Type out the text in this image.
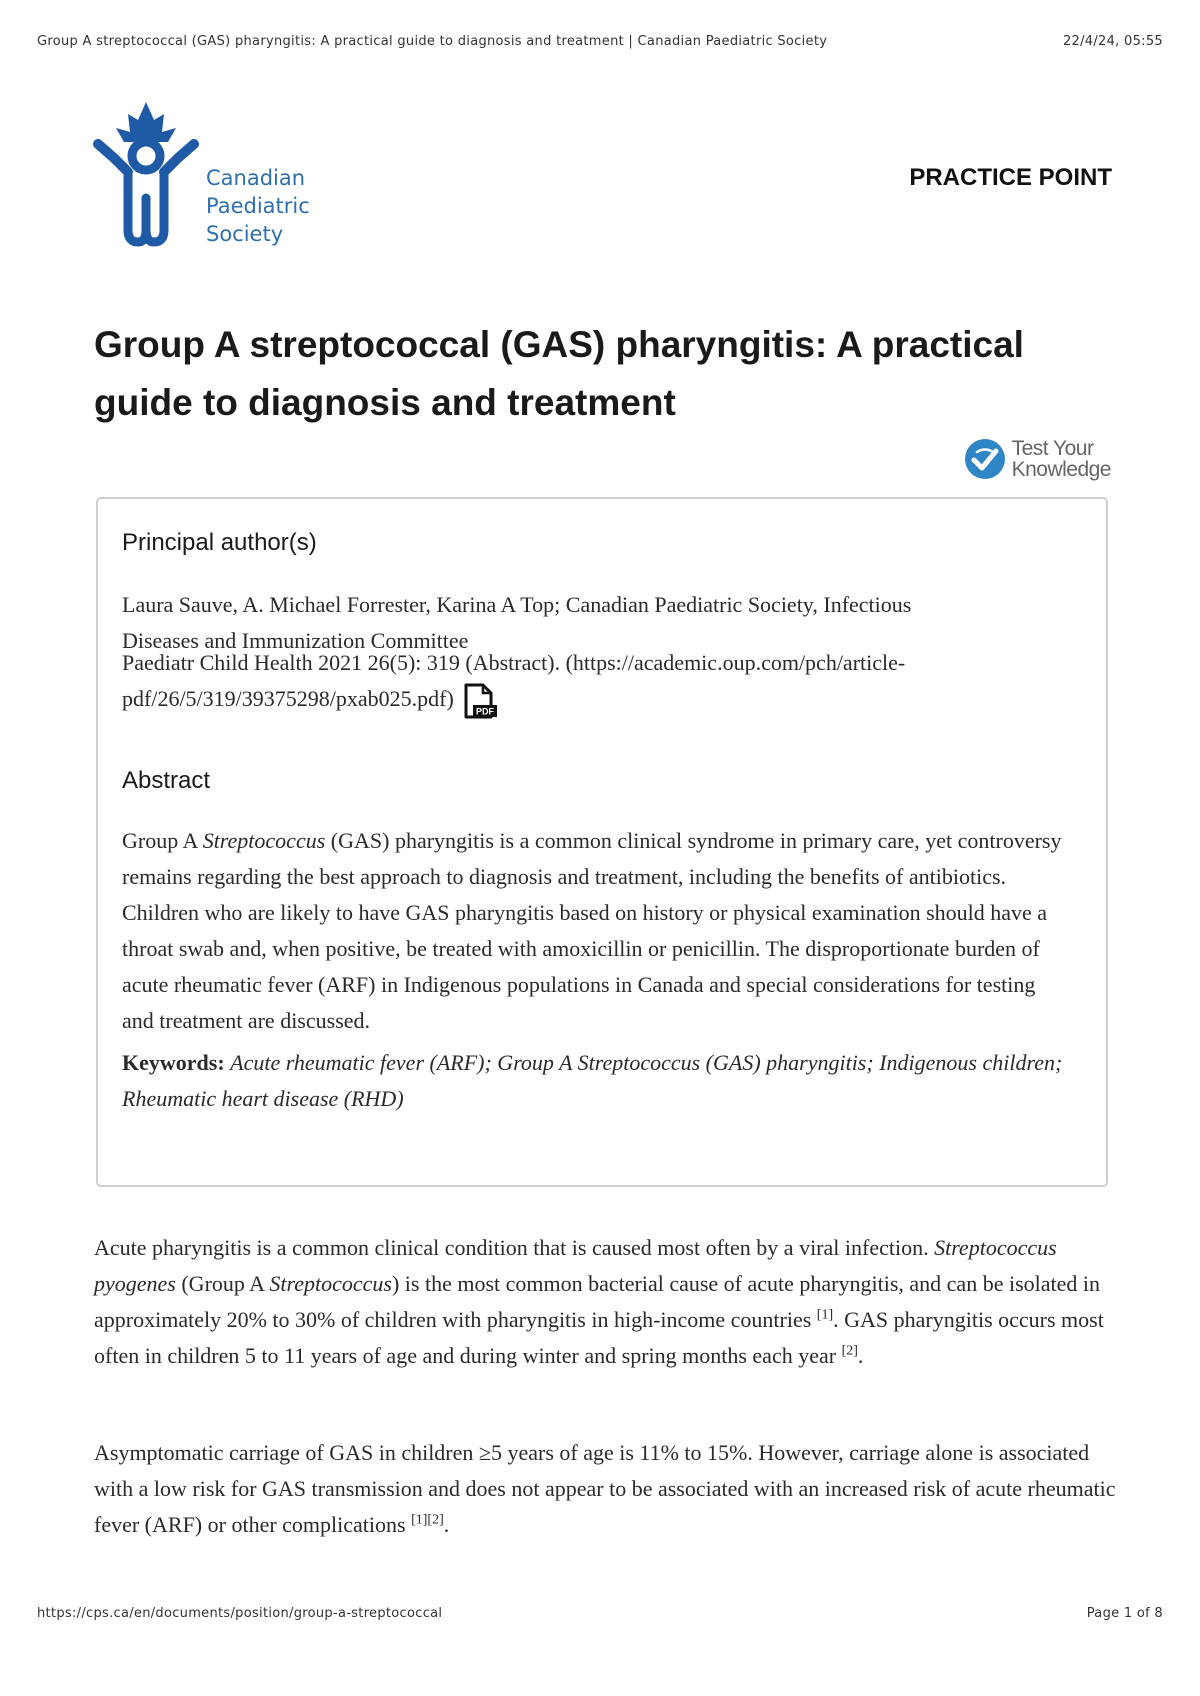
Group A streptococcal (GAS) pharyngitis: A practical guide to diagnosis and treatment | Canadian Paediatric Society	22/4/24, 05:55
Canadian
Paediatric
Society
PRACTICE POINT
Group A streptococcal (GAS) pharyngitis: A practical
guide to diagnosis and treatment
Test Your
Knowledge
Principal author(s)

Laura Sauve, A. Michael Forrester, Karina A Top; Canadian Paediatric Society, Infectious
Diseases and Immunization Committee

Paediatr Child Health 2021 26(5): 319 (Abstract). (https://academic.oup.com/pch/article-
pdf/26/5/319/39375298/pxab025.pdf)
PDF

Abstract

Group A Streptococcus (GAS) pharyngitis is a common clinical syndrome in primary care, yet controversy remains regarding the best approach to diagnosis and treatment, including the benefits of antibiotics. Children who are likely to have GAS pharyngitis based on history or physical examination should have a throat swab and, when positive, be treated with amoxicillin or penicillin. The disproportionate burden of acute rheumatic fever (ARF) in Indigenous populations in Canada and special considerations for testing and treatment are discussed.

Keywords: Acute rheumatic fever (ARF); Group A Streptococcus (GAS) pharyngitis; Indigenous children; Rheumatic heart disease (RHD)

Acute pharyngitis is a common clinical condition that is caused most often by a viral infection. Streptococcus pyogenes (Group A Streptococcus) is the most common bacterial cause of acute pharyngitis, and can be isolated in approximately 20% to 30% of children with pharyngitis in high-income countries [1]. GAS pharyngitis occurs most often in children 5 to 11 years of age and during winter and spring months each year [2].

Asymptomatic carriage of GAS in children ≥5 years of age is 11% to 15%. However, carriage alone is associated with a low risk for GAS transmission and does not appear to be associated with an increased risk of acute rheumatic fever (ARF) or other complications [1][2].

https://cps.ca/en/documents/position/group-a-streptococcal	Page 1 of 8
